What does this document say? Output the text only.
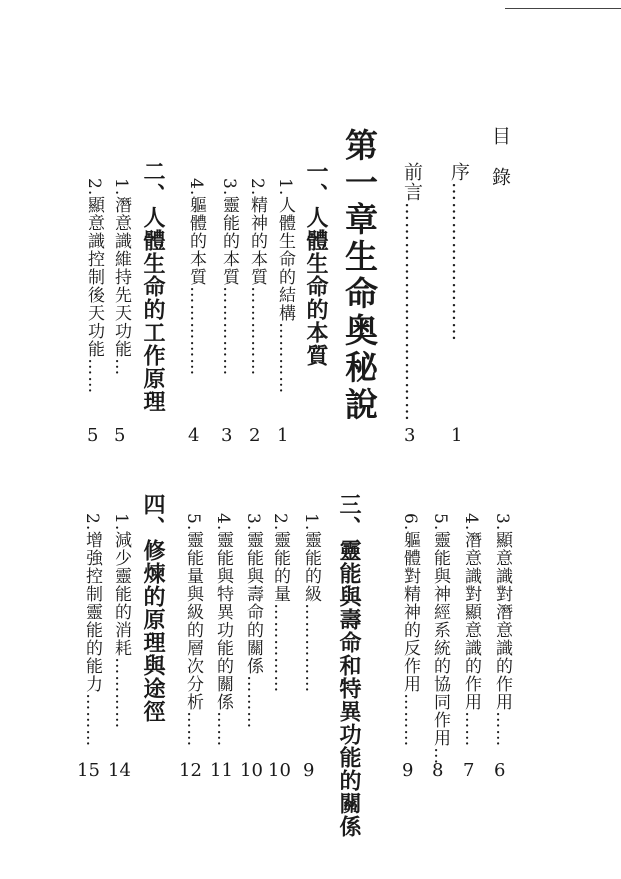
目錄
序……………………
1
前言……………………………
3
第一章生命奥秘說
一、人體生命的本質
1.人體生命的結構…………
1
2.精神的本質……………
2
3.靈能的本質……………
3
4.軀體的本質……………
4
二、人體生命的工作原理
1.潛意識維持先天功能…
5
2.顯意識控制後天功能……
5
3.顯意識對潛意識的作用……
6
4.潛意識對顯意識的作用……
7
5.靈能與神經系統的協同作用…
8
6.軀體對精神的反作用………
9
三、靈能與壽命和特異功能的關係
1.靈能的級……………
9
2.靈能的量……………
10
3.靈能與壽命的關係………
10
4.靈能與特異功能的關係……
11
5.靈能量與級的層次分析……
12
四、修煉的原理與途徑
1.減少靈能的消耗…………
14
2.增強控制靈能的能力………
15
